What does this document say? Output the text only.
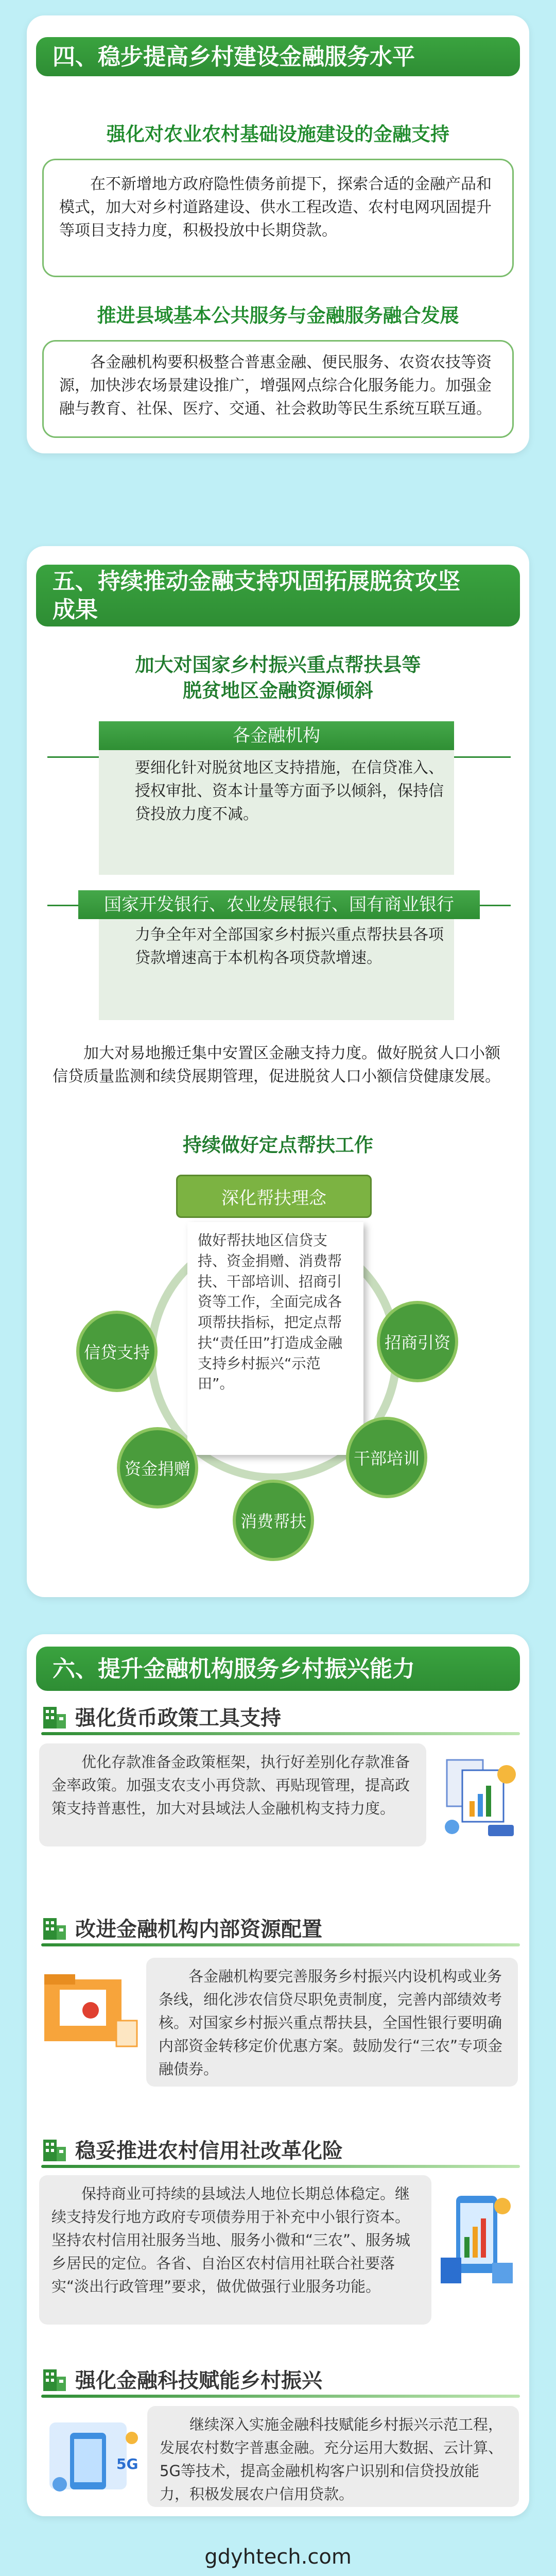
四、稳步提高乡村建设金融服务水平
强化对农业农村基础设施建设的金融支持
在不新增地方政府隐性债务前提下，探索合适的金融产品和模式，加大对乡村道路建设、供水工程改造、农村电网巩固提升等项目支持力度，积极投放中长期贷款。
推进县域基本公共服务与金融服务融合发展
各金融机构要积极整合普惠金融、便民服务、农资农技等资源，加快涉农场景建设推广，增强网点综合化服务能力。加强金融与教育、社保、医疗、交通、社会救助等民生系统互联互通。
五、持续推动金融支持巩固拓展脱贫攻坚
成果
加大对国家乡村振兴重点帮扶县等
脱贫地区金融资源倾斜
各金融机构
要细化针对脱贫地区支持措施，在信贷准入、授权审批、资本计量等方面予以倾斜，保持信贷投放力度不减。
国家开发银行、农业发展银行、国有商业银行
力争全年对全部国家乡村振兴重点帮扶县各项贷款增速高于本机构各项贷款增速。
加大对易地搬迁集中安置区金融支持力度。做好脱贫人口小额信贷质量监测和续贷展期管理，促进脱贫人口小额信贷健康发展。
持续做好定点帮扶工作
深化帮扶理念
做好帮扶地区信贷支持、资金捐赠、消费帮扶、干部培训、招商引资等工作，全面完成各项帮扶指标，把定点帮扶“责任田”打造成金融支持乡村振兴“示范田”。
信贷支持	招商引资
资金捐赠
干部培训
消费帮扶
六、提升金融机构服务乡村振兴能力
强化货币政策工具支持
优化存款准备金政策框架，执行好差别化存款准备金率政策。加强支农支小再贷款、再贴现管理，提高政策支持普惠性，加大对县域法人金融机构支持力度。
改进金融机构内部资源配置
各金融机构要完善服务乡村振兴内设机构或业务条线，细化涉农信贷尽职免责制度，完善内部绩效考核。对国家乡村振兴重点帮扶县，全国性银行要明确内部资金转移定价优惠方案。鼓励发行“三农”专项金融债券。
稳妥推进农村信用社改革化险
保持商业可持续的县域法人地位长期总体稳定。继续支持发行地方政府专项债券用于补充中小银行资本。坚持农村信用社服务当地、服务小微和“三农”、服务城乡居民的定位。各省、自治区农村信用社联合社要落实“淡出行政管理”要求，做优做强行业服务功能。
强化金融科技赋能乡村振兴
5G
继续深入实施金融科技赋能乡村振兴示范工程，发展农村数字普惠金融。充分运用大数据、云计算、5G等技术，提高金融机构客户识别和信贷投放能力，积极发展农户信用贷款。
gdyhtech.com
